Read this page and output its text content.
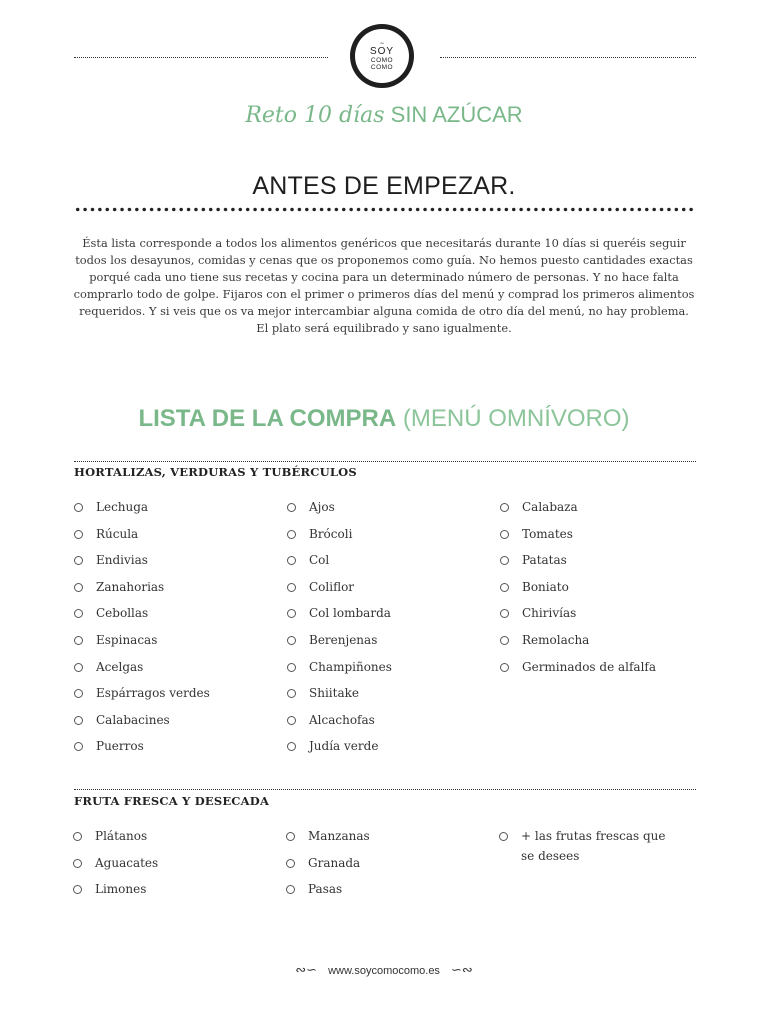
∼
SOY
COMO
COMO
Reto 10 días SIN AZÚCAR
ANTES DE EMPEZAR.
Ésta lista corresponde a todos los alimentos genéricos que necesitarás durante 10 días si queréis seguir todos los desayunos, comidas y cenas que os proponemos como guía. No hemos puesto cantidades exactas porqué cada uno tiene sus recetas y cocina para un determinado número de personas. Y no hace falta comprarlo todo de golpe. Fijaros con el primer o primeros días del menú y comprad los primeros alimentos requeridos. Y si veis que os va mejor intercambiar alguna comida de otro día del menú, no hay problema. El plato será equilibrado y sano igualmente.
LISTA DE LA COMPRA (MENÚ OMNÍVORO)
HORTALIZAS, VERDURAS Y TUBÉRCULOS
Lechuga
Rúcula
Endivias
Zanahorias
Cebollas
Espinacas
Acelgas
Espárragos verdes
Calabacines
Puerros
Ajos
Brócoli
Col
Coliflor
Col lombarda
Berenjenas
Champiñones
Shiitake
Alcachofas
Judía verde
Calabaza
Tomates
Patatas
Boniato
Chirivías
Remolacha
Germinados de alfalfa
FRUTA FRESCA Y DESECADA
Plátanos
Aguacates
Limones
Manzanas
Granada
Pasas
+ las frutas frescas que se desees
∾∽ www.soycomocomo.es ∽∾
